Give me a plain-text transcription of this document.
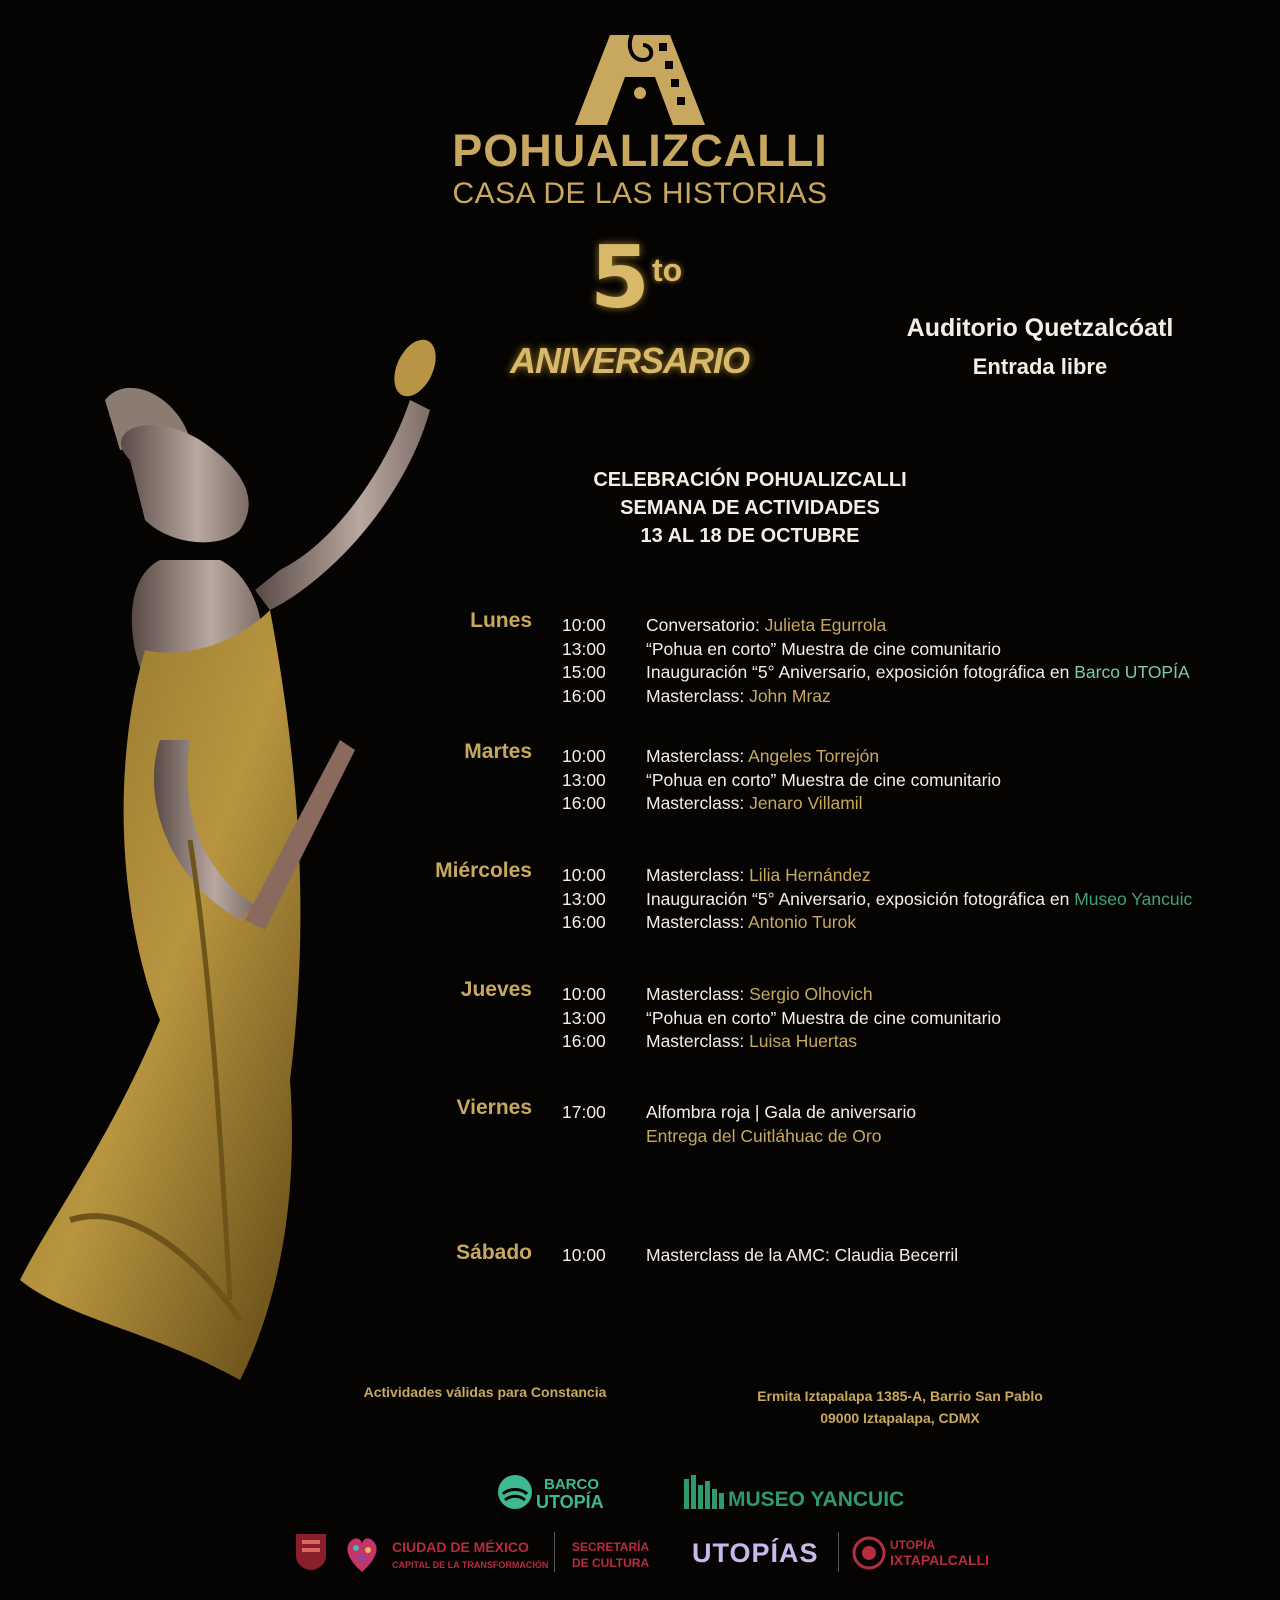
POHUALIZCALLI
CASA DE LAS HISTORIAS
5 to
ANIVERSARIO
Auditorio Quetzalcóatl
Entrada libre
CELEBRACIÓN POHUALIZCALLI
SEMANA DE ACTIVIDADES
13 AL 18 DE OCTUBRE
Lunes 10:00 Conversatorio: Julieta Egurrola
13:00 “Pohua en corto” Muestra de cine comunitario
15:00 Inauguración “5° Aniversario, exposición fotográfica en Barco UTOPÍA
16:00 Masterclass: John Mraz
Martes 10:00 Masterclass: Angeles Torrejón
13:00 “Pohua en corto” Muestra de cine comunitario
16:00 Masterclass: Jenaro Villamil
Miércoles 10:00 Masterclass: Lilia Hernández
13:00 Inauguración “5° Aniversario, exposición fotográfica en Museo Yancuic
16:00 Masterclass: Antonio Turok
Jueves 10:00 Masterclass: Sergio Olhovich
13:00 “Pohua en corto” Muestra de cine comunitario
16:00 Masterclass: Luisa Huertas
Viernes 17:00 Alfombra roja | Gala de aniversario
Entrega del Cuitláhuac de Oro
Sábado 10:00 Masterclass de la AMC: Claudia Becerril
Actividades válidas para Constancia	Ermita Iztapalapa 1385-A, Barrio San Pablo
09000 Iztapalapa, CDMX
BARCO
UTOPÍA	MUSEO YANCUIC
CIUDAD DE MÉXICO
CAPITAL DE LA TRANSFORMACIÓN
SECRETARÍA
DE CULTURA UTOPÍAS	UTOPÍA
IXTAPALCALLI
